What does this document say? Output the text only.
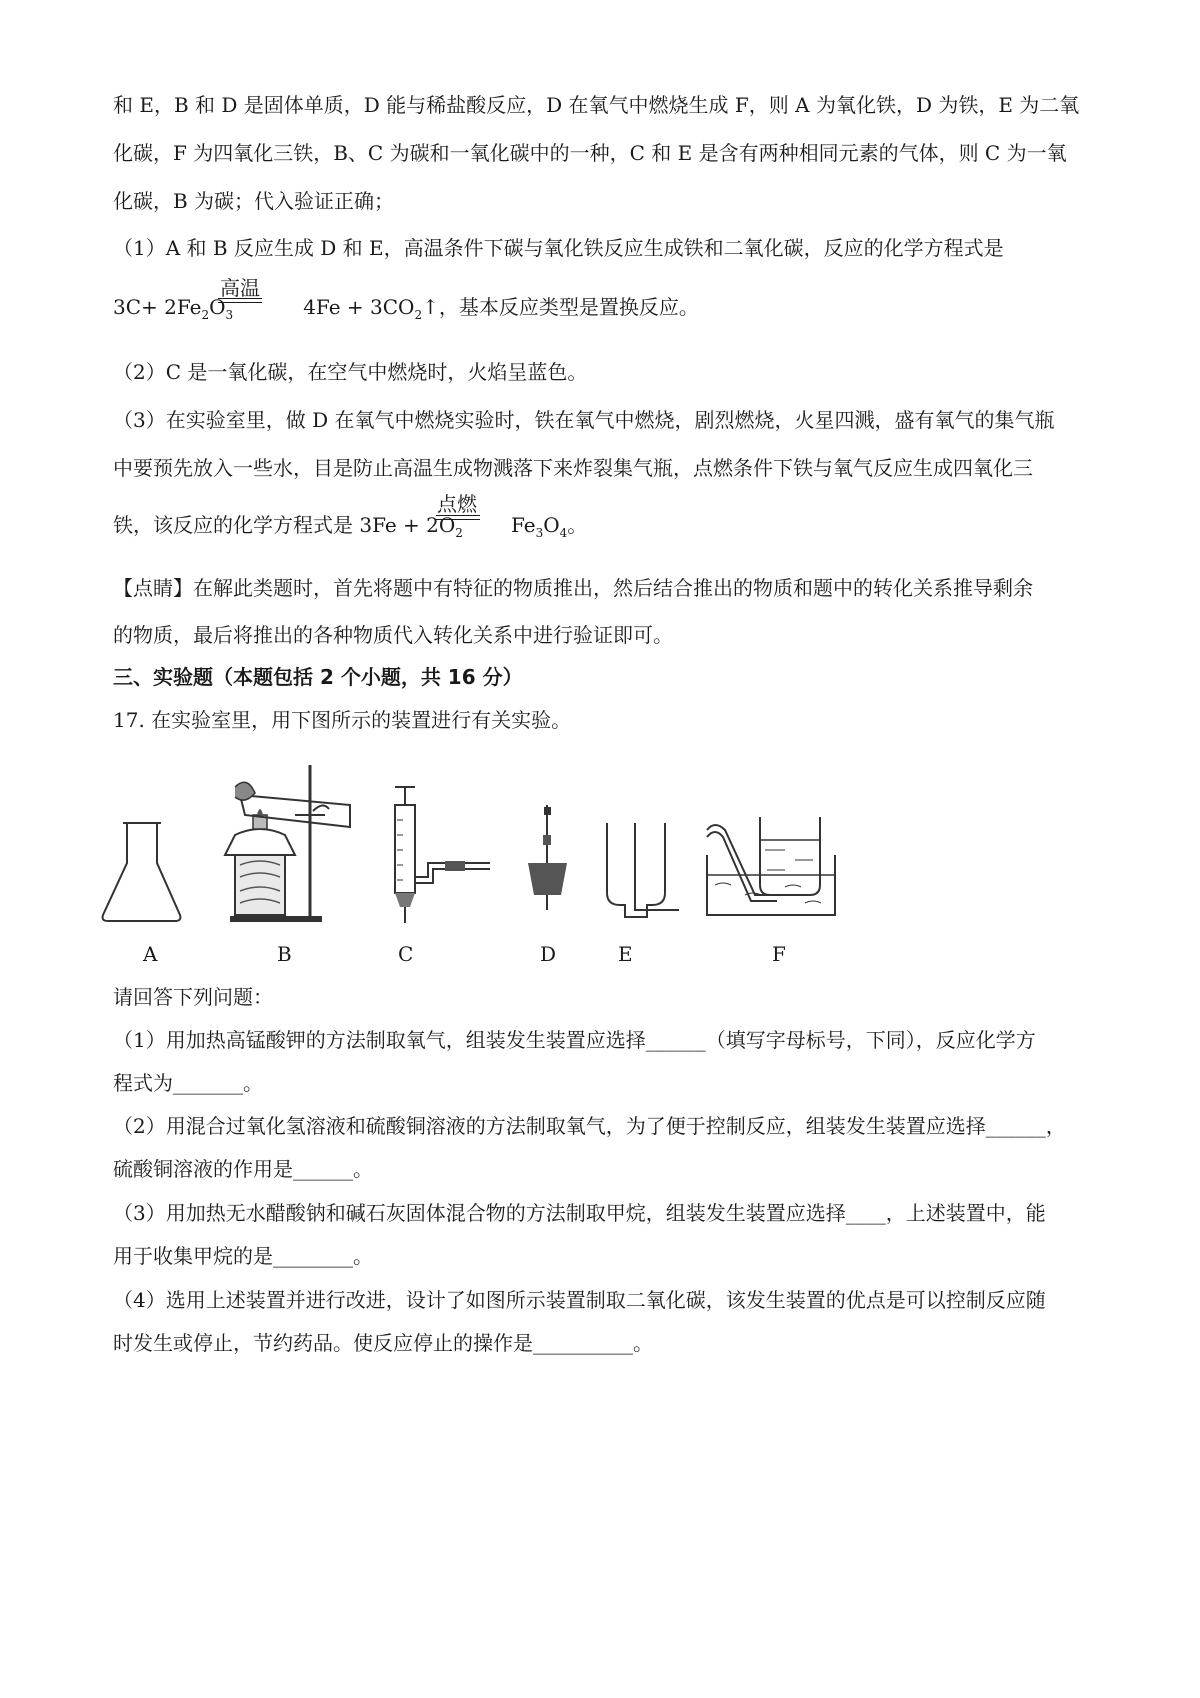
和 E，B 和 D 是固体单质，D 能与稀盐酸反应，D 在氧气中燃烧生成 F，则 A 为氧化铁，D 为铁，E 为二氧
化碳，F 为四氧化三铁，B、C 为碳和一氧化碳中的一种，C 和 E 是含有两种相同元素的气体，则 C 为一氧
化碳，B 为碳；代入验证正确；
（1）A 和 B 反应生成 D 和 E，高温条件下碳与氧化铁反应生成铁和二氧化碳，反应的化学方程式是
$3C+ 2Fe_2O_3$	$4Fe + 3CO_2↑$，基本反应类型是置换反应。
高温
（2）C 是一氧化碳，在空气中燃烧时，火焰呈蓝色。
（3）在实验室里，做 D 在氧气中燃烧实验时，铁在氧气中燃烧，剧烈燃烧，火星四溅，盛有氧气的集气瓶
中要预先放入一些水，目是防止高温生成物溅落下来炸裂集气瓶，点燃条件下铁与氧气反应生成四氧化三
铁，该反应的化学方程式是 $3Fe + 2O_2$ $Fe_3O_4$。
点燃
【点睛】在解此类题时，首先将题中有特征的物质推出，然后结合推出的物质和题中的转化关系推导剩余
的物质，最后将推出的各种物质代入转化关系中进行验证即可。
三、实验题（本题包括 2 个小题，共 16 分）
17. 在实验室里，用下图所示的装置进行有关实验。
A	B	C	D	E	F
请回答下列问题：
（1）用加热高锰酸钾的方法制取氧气，组装发生装置应选择______（填写字母标号，下同），反应化学方
程式为_______。
（2）用混合过氧化氢溶液和硫酸铜溶液的方法制取氧气，为了便于控制反应，组装发生装置应选择______，
硫酸铜溶液的作用是______。
（3）用加热无水醋酸钠和碱石灰固体混合物的方法制取甲烷，组装发生装置应选择____，上述装置中，能
用于收集甲烷的是________。
（4）选用上述装置并进行改进，设计了如图所示装置制取二氧化碳，该发生装置的优点是可以控制反应随
时发生或停止，节约药品。使反应停止的操作是__________。
